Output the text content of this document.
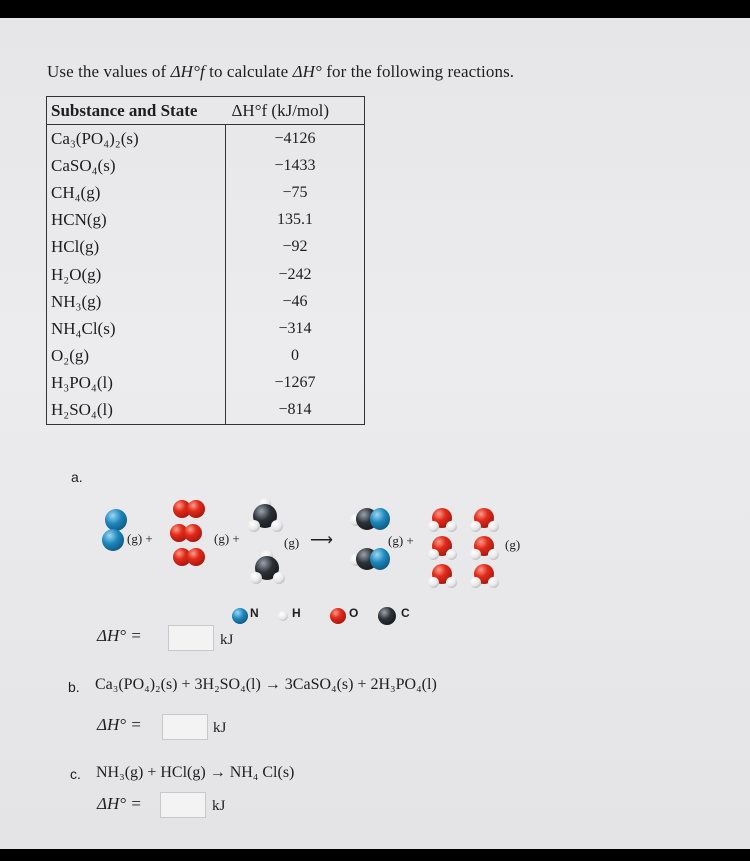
Use the values of ΔH°f to calculate ΔH° for the following reactions.
Substance and State	ΔH°f (kJ/mol)
Ca₃(PO₄)₂(s)	−4126
CaSO₄(s)	−1433
CH₄(g)	−75
HCN(g)	135.1
HCl(g)	−92
H₂O(g)	−242
NH₃(g)	−46
NH₄Cl(s)	−314
O₂(g)	0
H₃PO₄(l)	−1267
H₂SO₄(l)	−814
a.
(g) +	(g) +	(g) ⟶	(g) +	(g)
N	H	O	C
ΔH° =	kJ
b. Ca₃(PO₄)₂(s) + 3H₂SO₄(l) → 3CaSO₄(s) + 2H₃PO₄(l)
ΔH° =	kJ
c. NH₃(g) + HCl(g) → NH₄ Cl(s)
ΔH° =	kJ
